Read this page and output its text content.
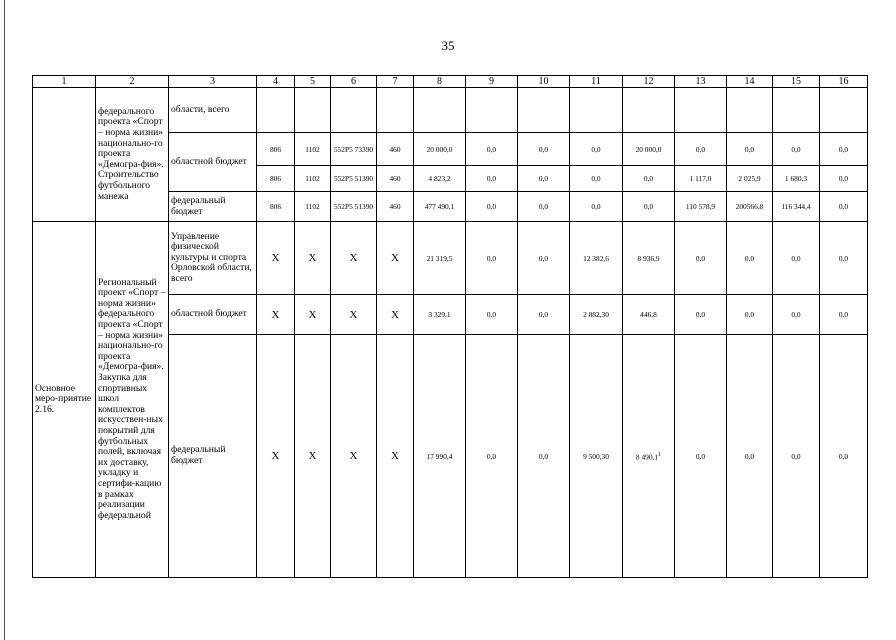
35
1	2	3	4	5	6	7	8	9	10	11	12	13	14	15	16
	федерального проекта «Спорт – норма жизни» национально-го проекта «Демогра-фия». Строительство футбольного манежа	области, всего													
		областной бюджет	806	1102	552P5 73390	460	20 000,0	0,0	0,0	0,0	20 000,0	0,0	0,0	0,0	0,0
			806	1102	552P5 51390	460	4 823,2	0,0	0,0	0,0	0,0	1 117,0	2 025,9	1 680,3	0,0
		федеральный бюджет	806	1102	552P5 51390	460	477 490,1	0,0	0,0	0,0	0,0	110 578,9	200566,8	116 344,4	0,0
Основное меро-приятие 2.16.	Региональный проект «Спорт – норма жизни» федерального проекта «Спорт – норма жизни» национально-го проекта «Демогра-фия». Закупка для спортивных школ комплектов искусствен-ных покрытий для футбольных полей, включая их доставку, укладку и сертифи-кацию в рамках реализации федеральной	Управление физической культуры и спорта Орловской области, всего	Х	Х	Х	Х	21 319,5	0,0	0,0	12 382,6	8 936,9	0,0	0,0	0,0	0,0
		областной бюджет	Х	Х	Х	Х	3 329,1	0,0	0,0	2 882,30	446,8	0,0	0,0	0,0	0,0
		федеральный бюджет	Х	Х	Х	Х	17 990,4	0,0	0,0	9 500,30	8 490,1$^1$	0,0	0,0	0,0	0,0
